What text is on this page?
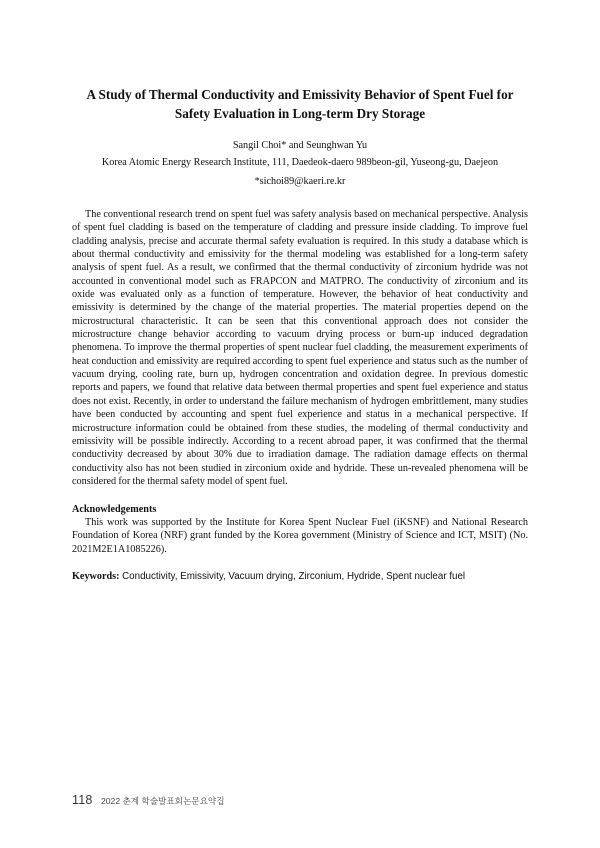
A Study of Thermal Conductivity and Emissivity Behavior of Spent Fuel for
Safety Evaluation in Long-term Dry Storage
Sangil Choi* and Seunghwan Yu
Korea Atomic Energy Research Institute, 111, Daedeok-daero 989beon-gil, Yuseong-gu, Daejeon
*sichoi89@kaeri.re.kr

The conventional research trend on spent fuel was safety analysis based on mechanical perspective. Analysis of spent fuel cladding is based on the temperature of cladding and pressure inside cladding. To improve fuel cladding analysis, precise and accurate thermal safety evaluation is required. In this study a database which is about thermal conductivity and emissivity for the thermal modeling was established for a long-term safety analysis of spent fuel. As a result, we confirmed that the thermal conductivity of zirconium hydride was not accounted in conventional model such as FRAPCON and MATPRO. The conductivity of zirconium and its oxide was evaluated only as a function of temperature. However, the behavior of heat conductivity and emissivity is determined by the change of the material properties. The material properties depend on the microstructural characteristic. It can be seen that this conventional approach does not consider the microstructure change behavior according to vacuum drying process or burn-up induced degradation phenomena. To improve the thermal properties of spent nuclear fuel cladding, the measurement experiments of heat conduction and emissivity are required according to spent fuel experience and status such as the number of vacuum drying, cooling rate, burn up, hydrogen concentration and oxidation degree. In previous domestic reports and papers, we found that relative data between thermal properties and spent fuel experience and status does not exist. Recently, in order to understand the failure mechanism of hydrogen embrittlement, many studies have been conducted by accounting and spent fuel experience and status in a mechanical perspective. If microstructure information could be obtained from these studies, the modeling of thermal conductivity and emissivity will be possible indirectly. According to a recent abroad paper, it was confirmed that the thermal conductivity decreased by about 30% due to irradiation damage. The radiation damage effects on thermal conductivity also has not been studied in zirconium oxide and hydride. These un-revealed phenomena will be considered for the thermal safety model of spent fuel.

Acknowledgements

This work was supported by the Institute for Korea Spent Nuclear Fuel (iKSNF) and National Research Foundation of Korea (NRF) grant funded by the Korea government (Ministry of Science and ICT, MSIT) (No. 2021M2E1A1085226).

Keywords: Conductivity, Emissivity, Vacuum drying, Zirconium, Hydride, Spent nuclear fuel
118 2022 춘계 학술발표회논문요약집
